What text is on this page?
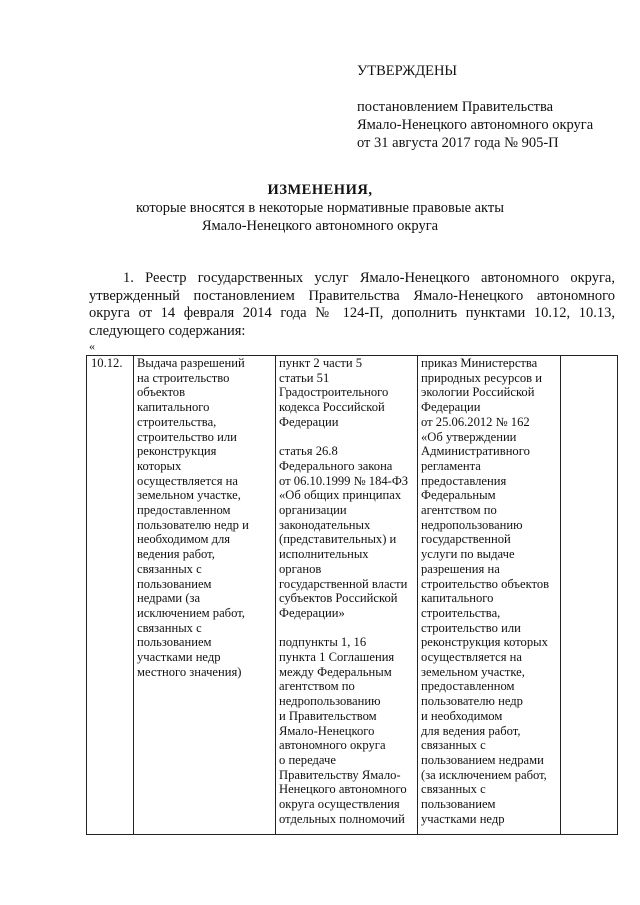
УТВЕРЖДЕНЫ
постановлением Правительства
Ямало-Ненецкого автономного округа
от 31 августа 2017 года № 905-П
ИЗМЕНЕНИЯ,
которые вносятся в некоторые нормативные правовые акты
Ямало-Ненецкого автономного округа
1. Реестр государственных услуг Ямало-Ненецкого автономного округа, утвержденный постановлением Правительства Ямало-Ненецкого автономного округа от 14 февраля 2014 года № 124-П, дополнить пунктами 10.12, 10.13, следующего содержания:
«
10.12.	Выдача разрешений
на строительство
объектов
капитального
строительства,
строительство или
реконструкция
которых
осуществляется на
земельном участке,
предоставленном
пользователю недр и
необходимом для
ведения работ,
связанных с
пользованием
недрами (за
исключением работ,
связанных с
пользованием
участками недр
местного значения)

пункт 2 части 5
статьи 51
Градостроительного
кодекса Российской
Федерации
статья 26.8
Федерального закона
от 06.10.1999 № 184-ФЗ
«Об общих принципах
организации
законодательных
(представительных) и
исполнительных
органов
государственной власти
субъектов Российской
Федерации»
подпункты 1, 16
пункта 1 Соглашения
между Федеральным
агентством по
недропользованию
и Правительством
Ямало-Ненецкого
автономного округа
о передаче
Правительству Ямало-
Ненецкого автономного
округа осуществления
отдельных полномочий

приказ Министерства
природных ресурсов и
экологии Российской
Федерации
от 25.06.2012 № 162
«Об утверждении
Административного
регламента
предоставления
Федеральным
агентством по
недропользованию
государственной
услуги по выдаче
разрешения на
строительство объектов
капитального
строительства,
строительство или
реконструкция которых
осуществляется на
земельном участке,
предоставленном
пользователю недр
и необходимом
для ведения работ,
связанных с
пользованием недрами
(за исключением работ,
связанных с
пользованием
участками недр
